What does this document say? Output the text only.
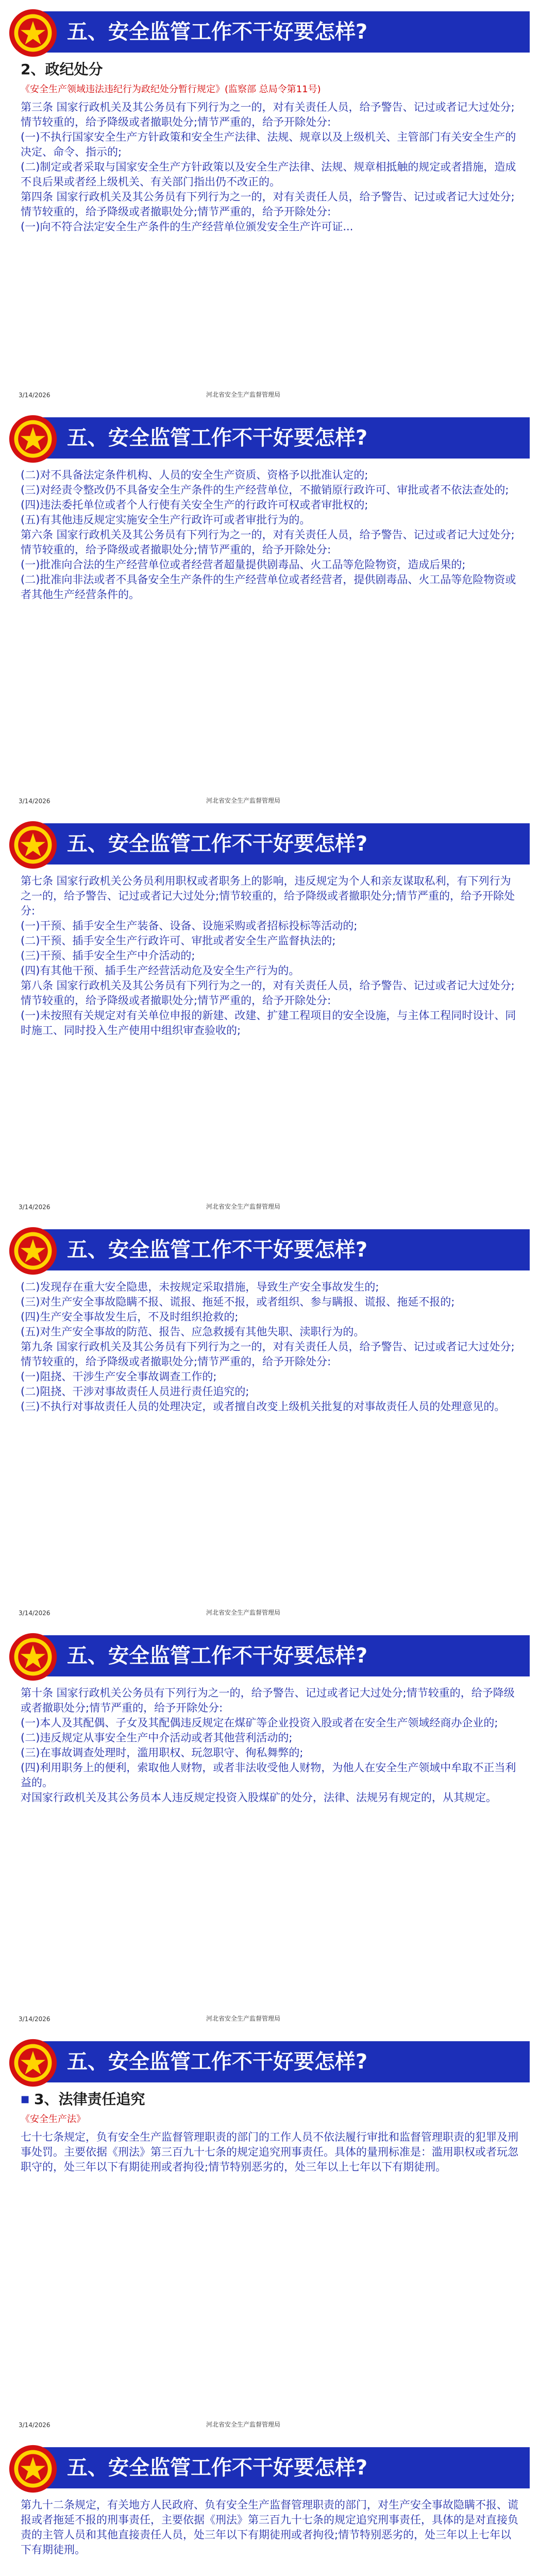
五、安全监管工作不干好要怎样?

2、政纪处分

《安全生产领域违法违纪行为政纪处分暂行规定》(监察部 总局令第11号)

第三条 国家行政机关及其公务员有下列行为之一的，对有关责任人员，给予警告、记过或者记大过处分;情节较重的，给予降级或者撤职处分;情节严重的，给予开除处分:

(一)不执行国家安全生产方针政策和安全生产法律、法规、规章以及上级机关、主管部门有关安全生产的决定、命令、指示的;

(二)制定或者采取与国家安全生产方针政策以及安全生产法律、法规、规章相抵触的规定或者措施，造成不良后果或者经上级机关、有关部门指出仍不改正的。

第四条 国家行政机关及其公务员有下列行为之一的，对有关责任人员，给予警告、记过或者记大过处分;情节较重的，给予降级或者撤职处分;情节严重的，给予开除处分:

(一)向不符合法定安全生产条件的生产经营单位颁发安全生产许可证...

3/14/2026	河北省安全生产监督管理局
五、安全监管工作不干好要怎样?

(二)对不具备法定条件机构、人员的安全生产资质、资格予以批准认定的;

(三)对经责令整改仍不具备安全生产条件的生产经营单位，不撤销原行政许可、审批或者不依法查处的;

(四)违法委托单位或者个人行使有关安全生产的行政许可权或者审批权的;

(五)有其他违反规定实施安全生产行政许可或者审批行为的。

第六条 国家行政机关及其公务员有下列行为之一的，对有关责任人员，给予警告、记过或者记大过处分;情节较重的，给予降级或者撤职处分;情节严重的，给予开除处分:

(一)批准向合法的生产经营单位或者经营者超量提供剧毒品、火工品等危险物资，造成后果的;

(二)批准向非法或者不具备安全生产条件的生产经营单位或者经营者，提供剧毒品、火工品等危险物资或者其他生产经营条件的。

3/14/2026	河北省安全生产监督管理局
五、安全监管工作不干好要怎样?

第七条 国家行政机关公务员利用职权或者职务上的影响，违反规定为个人和亲友谋取私利，有下列行为之一的，给予警告、记过或者记大过处分;情节较重的，给予降级或者撤职处分;情节严重的，给予开除处分:

(一)干预、插手安全生产装备、设备、设施采购或者招标投标等活动的;

(二)干预、插手安全生产行政许可、审批或者安全生产监督执法的;

(三)干预、插手安全生产中介活动的;

(四)有其他干预、插手生产经营活动危及安全生产行为的。

第八条 国家行政机关及其公务员有下列行为之一的，对有关责任人员，给予警告、记过或者记大过处分;情节较重的，给予降级或者撤职处分;情节严重的，给予开除处分:

(一)未按照有关规定对有关单位申报的新建、改建、扩建工程项目的安全设施，与主体工程同时设计、同时施工、同时投入生产使用中组织审查验收的;

3/14/2026	河北省安全生产监督管理局
五、安全监管工作不干好要怎样?

(二)发现存在重大安全隐患，未按规定采取措施，导致生产安全事故发生的;

(三)对生产安全事故隐瞒不报、谎报、拖延不报，或者组织、参与瞒报、谎报、拖延不报的;

(四)生产安全事故发生后，不及时组织抢救的;

(五)对生产安全事故的防范、报告、应急救援有其他失职、渎职行为的。

第九条 国家行政机关及其公务员有下列行为之一的，对有关责任人员，给予警告、记过或者记大过处分;情节较重的，给予降级或者撤职处分;情节严重的，给予开除处分:

(一)阻挠、干涉生产安全事故调查工作的;

(二)阻挠、干涉对事故责任人员进行责任追究的;

(三)不执行对事故责任人员的处理决定，或者擅自改变上级机关批复的对事故责任人员的处理意见的。

3/14/2026	河北省安全生产监督管理局
五、安全监管工作不干好要怎样?

第十条 国家行政机关公务员有下列行为之一的，给予警告、记过或者记大过处分;情节较重的，给予降级或者撤职处分;情节严重的，给予开除处分:

(一)本人及其配偶、子女及其配偶违反规定在煤矿等企业投资入股或者在安全生产领域经商办企业的;

(二)违反规定从事安全生产中介活动或者其他营利活动的;

(三)在事故调查处理时，滥用职权、玩忽职守、徇私舞弊的;

(四)利用职务上的便利，索取他人财物，或者非法收受他人财物，为他人在安全生产领域中牟取不正当利益的。

对国家行政机关及其公务员本人违反规定投资入股煤矿的处分，法律、法规另有规定的，从其规定。

3/14/2026	河北省安全生产监督管理局
五、安全监管工作不干好要怎样?
■ 3、法律责任追究

《安全生产法》

七十七条规定，负有安全生产监督管理职责的部门的工作人员不依法履行审批和监督管理职责的犯罪及刑事处罚。主要依据《刑法》第三百九十七条的规定追究刑事责任。具体的量刑标准是：滥用职权或者玩忽职守的，处三年以下有期徒刑或者拘役;情节特别恶劣的，处三年以上七年以下有期徒刑。

3/14/2026	河北省安全生产监督管理局
五、安全监管工作不干好要怎样?

第九十二条规定，有关地方人民政府、负有安全生产监督管理职责的部门，对生产安全事故隐瞒不报、谎报或者拖延不报的刑事责任，主要依据《刑法》第三百九十七条的规定追究刑事责任，具体的是对直接负责的主管人员和其他直接责任人员，处三年以下有期徒刑或者拘役;情节特别恶劣的，处三年以上七年以下有期徒刑。
